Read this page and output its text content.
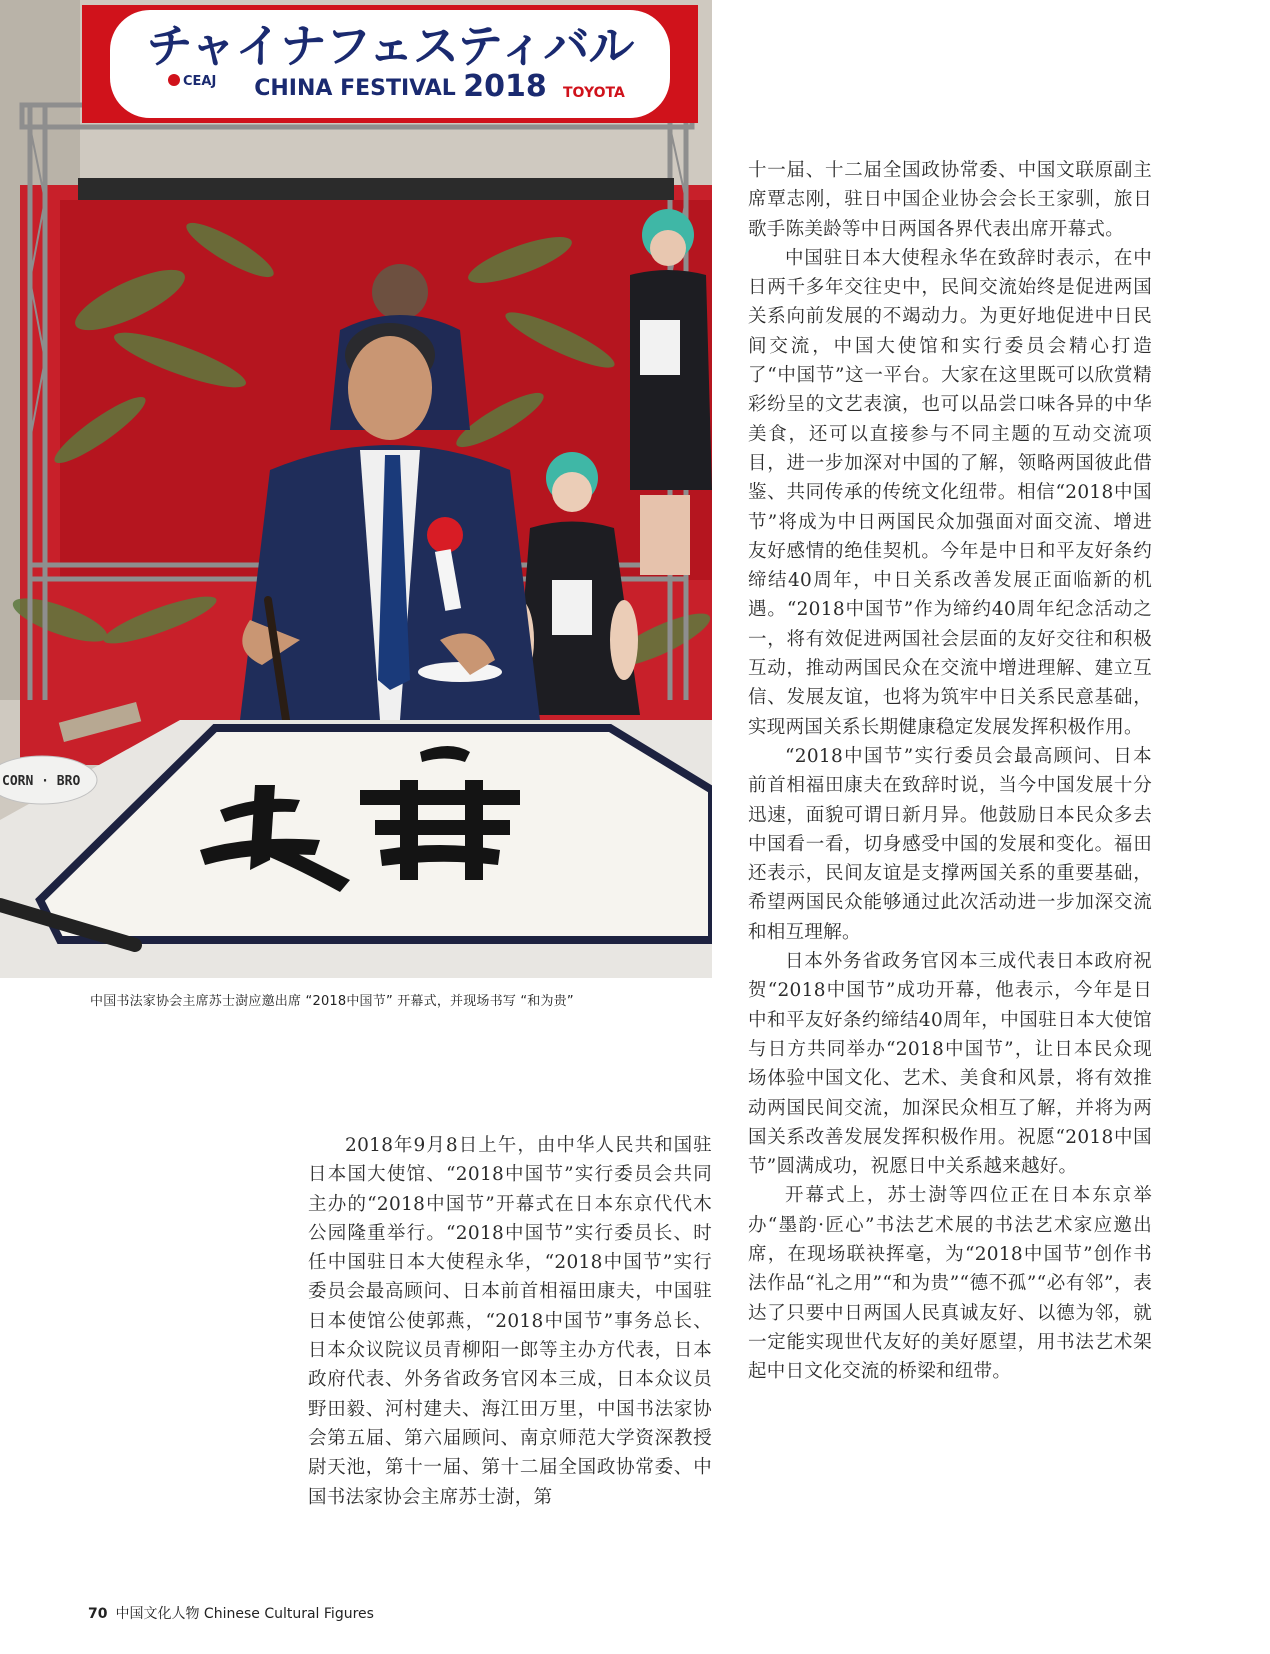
チャイナフェスティバル
CHINA FESTIVAL 2018
CEAJ
TOYOTA
CORN · BRO
中国书法家协会主席苏士澍应邀出席 “2018中国节” 开幕式，并现场书写 “和为贵”

2018年9月8日上午，由中华人民共和国驻日本国大使馆、“2018中国节”实行委员会共同主办的“2018中国节”开幕式在日本东京代代木公园隆重举行。“2018中国节”实行委员长、时任中国驻日本大使程永华，“2018中国节”实行委员会最高顾问、日本前首相福田康夫，中国驻日本使馆公使郭燕，“2018中国节”事务总长、日本众议院议员青柳阳一郎等主办方代表，日本政府代表、外务省政务官冈本三成，日本众议员野田毅、河村建夫、海江田万里，中国书法家协会第五届、第六届顾问、南京师范大学资深教授尉天池，第十一届、第十二届全国政协常委、中国书法家协会主席苏士澍，第

十一届、十二届全国政协常委、中国文联原副主席覃志刚，驻日中国企业协会会长王家驯，旅日歌手陈美龄等中日两国各界代表出席开幕式。

中国驻日本大使程永华在致辞时表示，在中日两千多年交往史中，民间交流始终是促进两国关系向前发展的不竭动力。为更好地促进中日民间交流，中国大使馆和实行委员会精心打造了“中国节”这一平台。大家在这里既可以欣赏精彩纷呈的文艺表演，也可以品尝口味各异的中华美食，还可以直接参与不同主题的互动交流项目，进一步加深对中国的了解，领略两国彼此借鉴、共同传承的传统文化纽带。相信“2018中国节”将成为中日两国民众加强面对面交流、增进友好感情的绝佳契机。今年是中日和平友好条约缔结40周年，中日关系改善发展正面临新的机遇。“2018中国节”作为缔约40周年纪念活动之一，将有效促进两国社会层面的友好交往和积极互动，推动两国民众在交流中增进理解、建立互信、发展友谊，也将为筑牢中日关系民意基础，实现两国关系长期健康稳定发展发挥积极作用。

“2018中国节”实行委员会最高顾问、日本前首相福田康夫在致辞时说，当今中国发展十分迅速，面貌可谓日新月异。他鼓励日本民众多去中国看一看，切身感受中国的发展和变化。福田还表示，民间友谊是支撑两国关系的重要基础，希望两国民众能够通过此次活动进一步加深交流和相互理解。

日本外务省政务官冈本三成代表日本政府祝贺“2018中国节”成功开幕，他表示，今年是日中和平友好条约缔结40周年，中国驻日本大使馆与日方共同举办“2018中国节”，让日本民众现场体验中国文化、艺术、美食和风景，将有效推动两国民间交流，加深民众相互了解，并将为两国关系改善发展发挥积极作用。祝愿“2018中国节”圆满成功，祝愿日中关系越来越好。

开幕式上，苏士澍等四位正在日本东京举办“墨韵·匠心”书法艺术展的书法艺术家应邀出席，在现场联袂挥毫，为“2018中国节”创作书法作品“礼之用”“和为贵”“德不孤”“必有邻”，表达了只要中日两国人民真诚友好、以德为邻，就一定能实现世代友好的美好愿望，用书法艺术架起中日文化交流的桥梁和纽带。

70 中国文化人物 Chinese Cultural Figures
